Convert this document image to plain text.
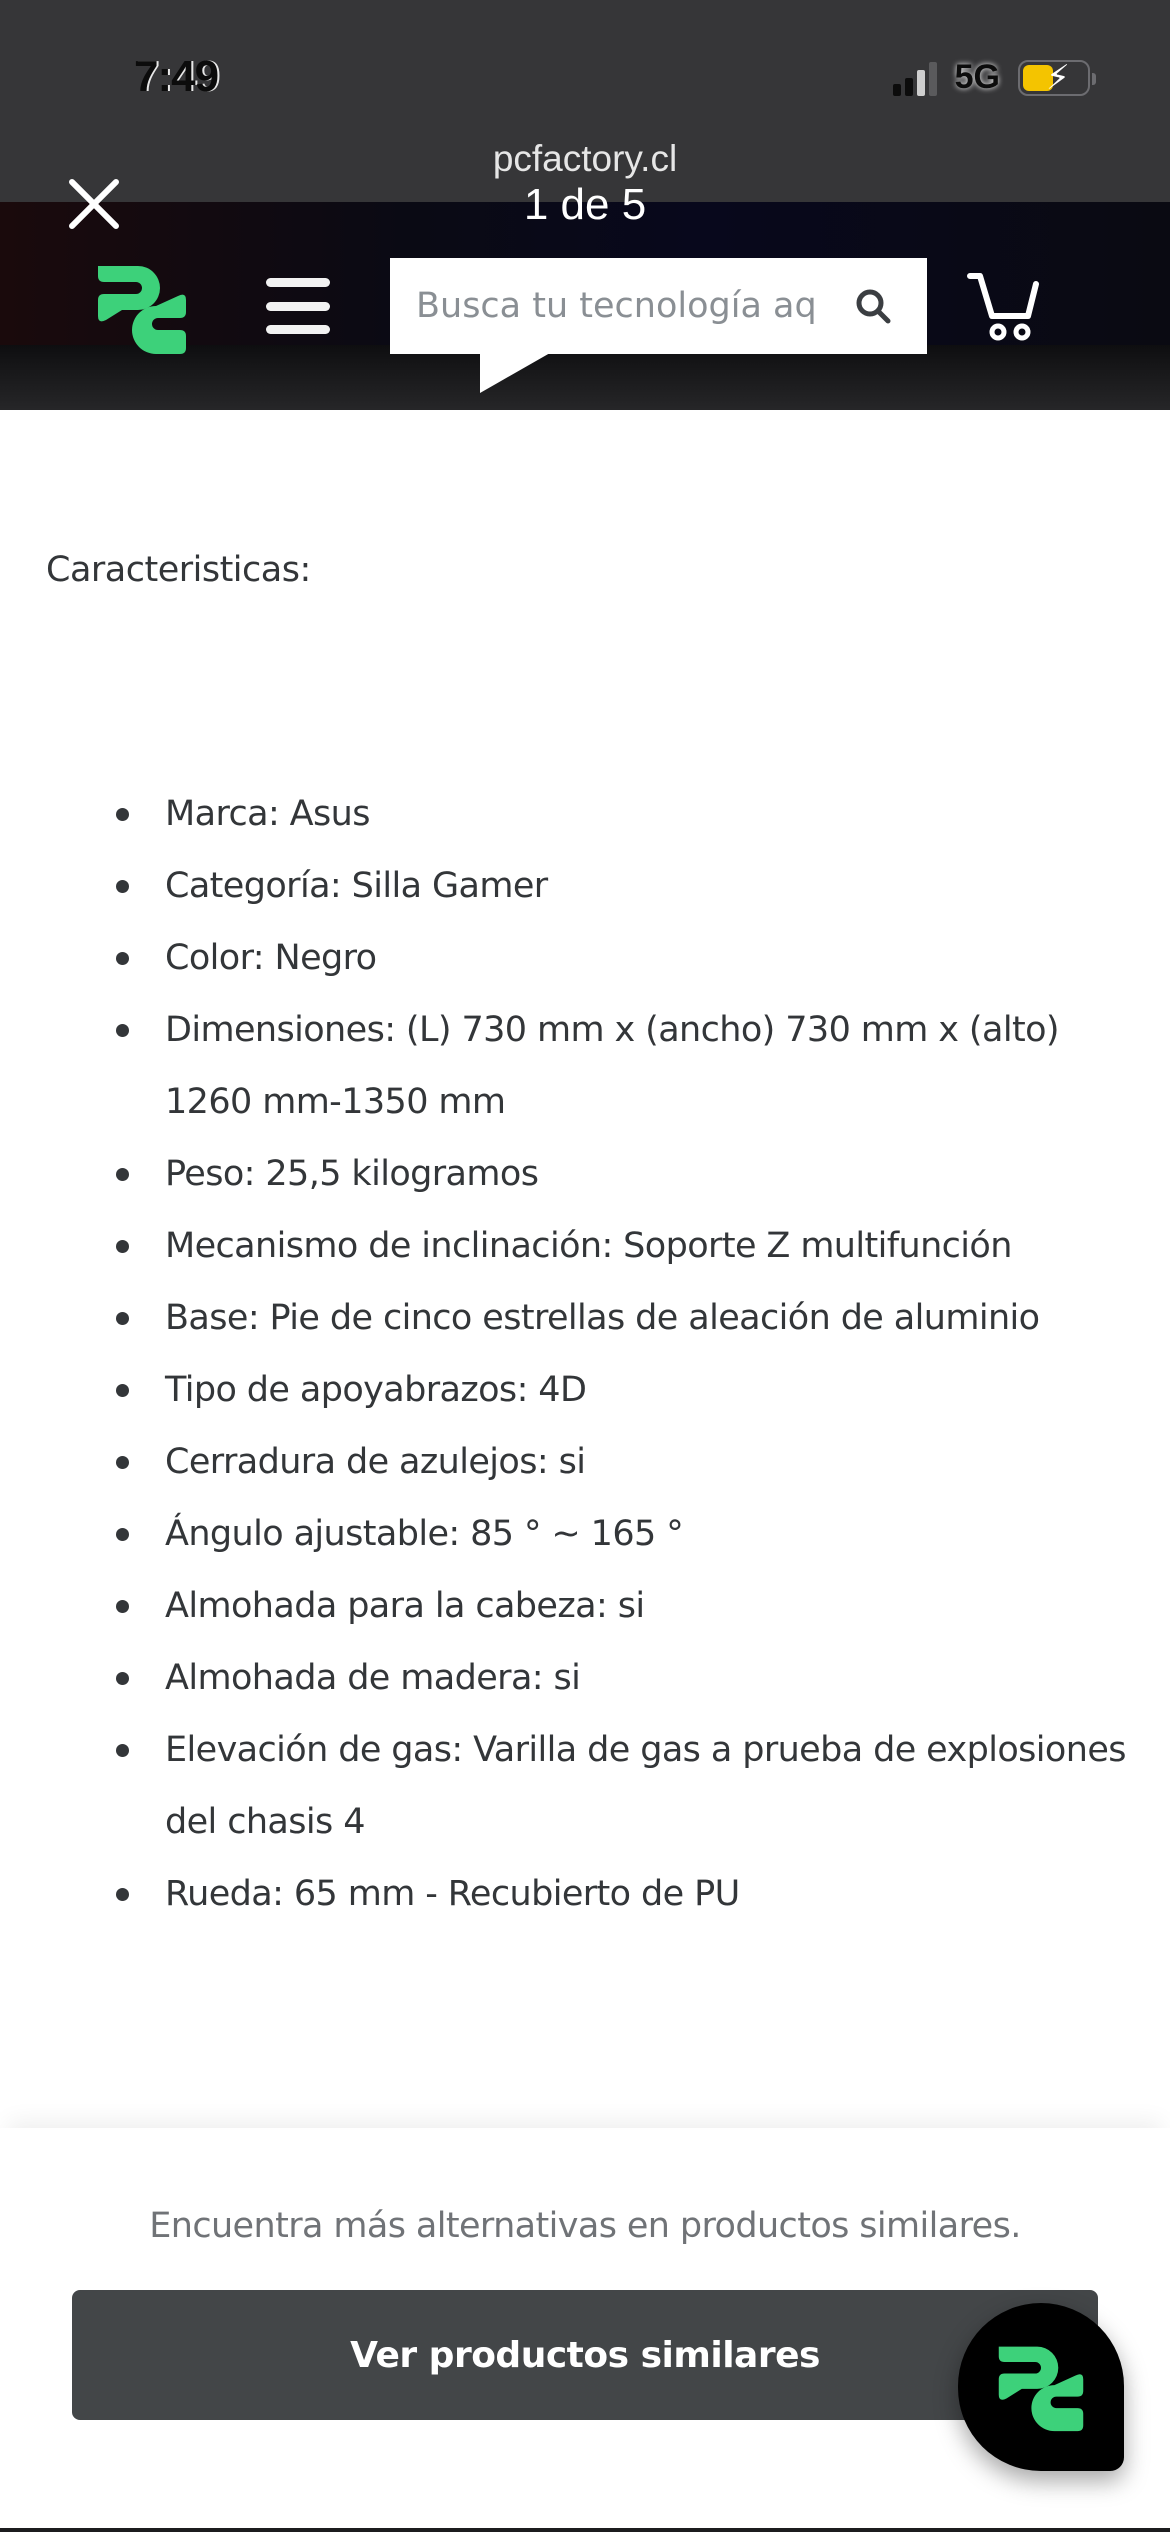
7:49	5G ⚡
pcfactory.cl
1 de 5
Busca tu tecnología aquí
Caracteristicas:
Marca: Asus
Categoría: Silla Gamer
Color: Negro
Dimensiones: (L) 730 mm x (ancho) 730 mm x (alto) 1260 mm-1350 mm
Peso: 25,5 kilogramos
Mecanismo de inclinación: Soporte Z multifunción
Base: Pie de cinco estrellas de aleación de aluminio
Tipo de apoyabrazos: 4D
Cerradura de azulejos: si
Ángulo ajustable: 85 ° ~ 165 °
Almohada para la cabeza: si
Almohada de madera: si
Elevación de gas: Varilla de gas a prueba de explosiones del chasis 4
Rueda: 65 mm - Recubierto de PU
Encuentra más alternativas en productos similares.
Ver productos similares
